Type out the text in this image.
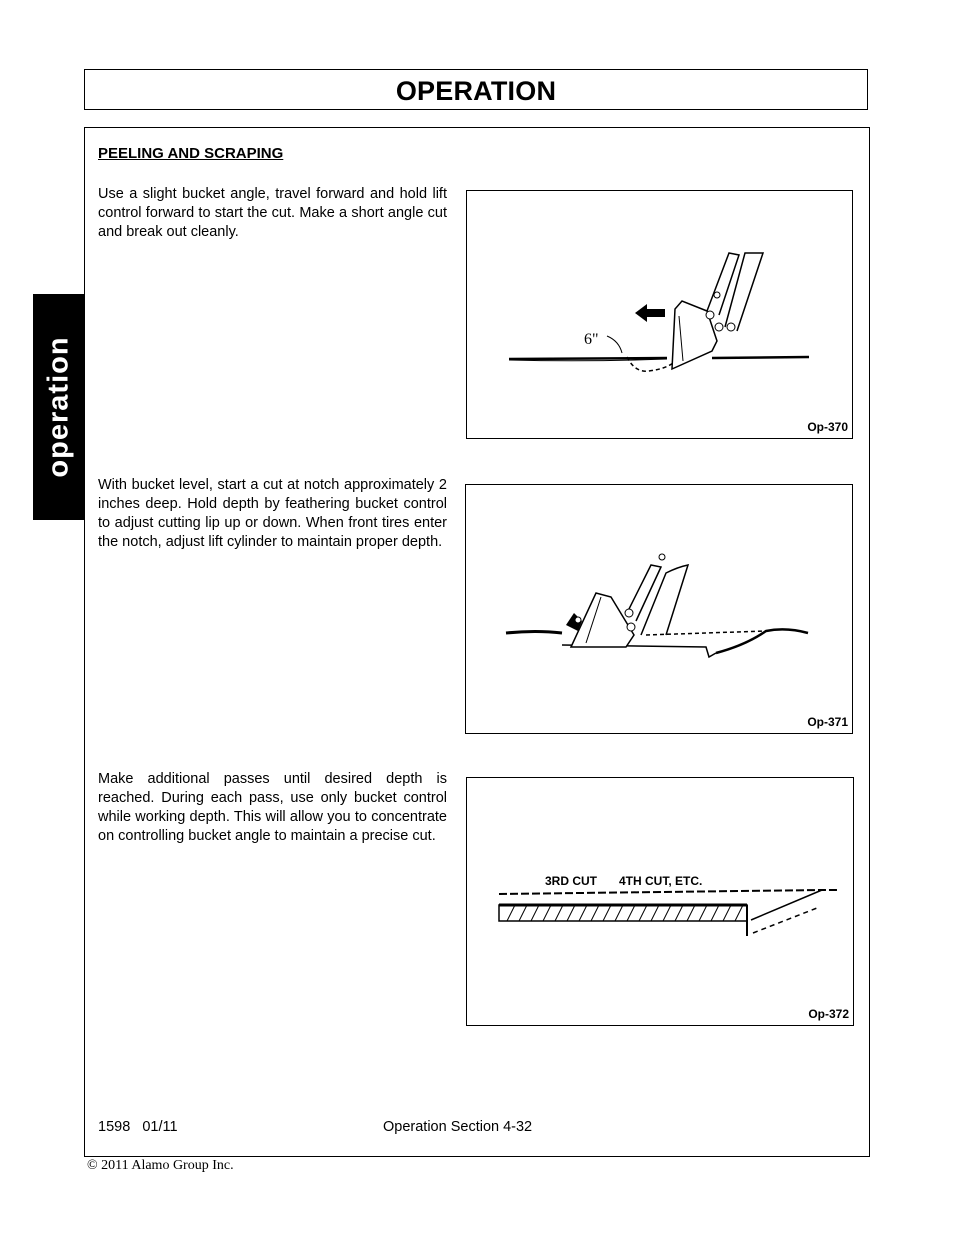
OPERATION
operation
PEELING AND SCRAPING

Use a slight bucket angle, travel forward and hold lift control forward to start the cut. Make a short angle cut and break out cleanly.

6"
Op-370

With bucket level, start a cut at notch approximately 2 inches deep. Hold depth by feathering bucket control to adjust cutting lip up or down. When front tires enter the notch, adjust lift cylinder to maintain proper depth.

Op-371

Make additional passes until desired depth is reached. During each pass, use only bucket control while working depth. This will allow you to concentrate on controlling bucket angle to maintain a precise cut.

3RD CUT 4TH CUT, ETC.
Op-372
1598   01/11	Operation Section 4-32
© 2011 Alamo Group Inc.
